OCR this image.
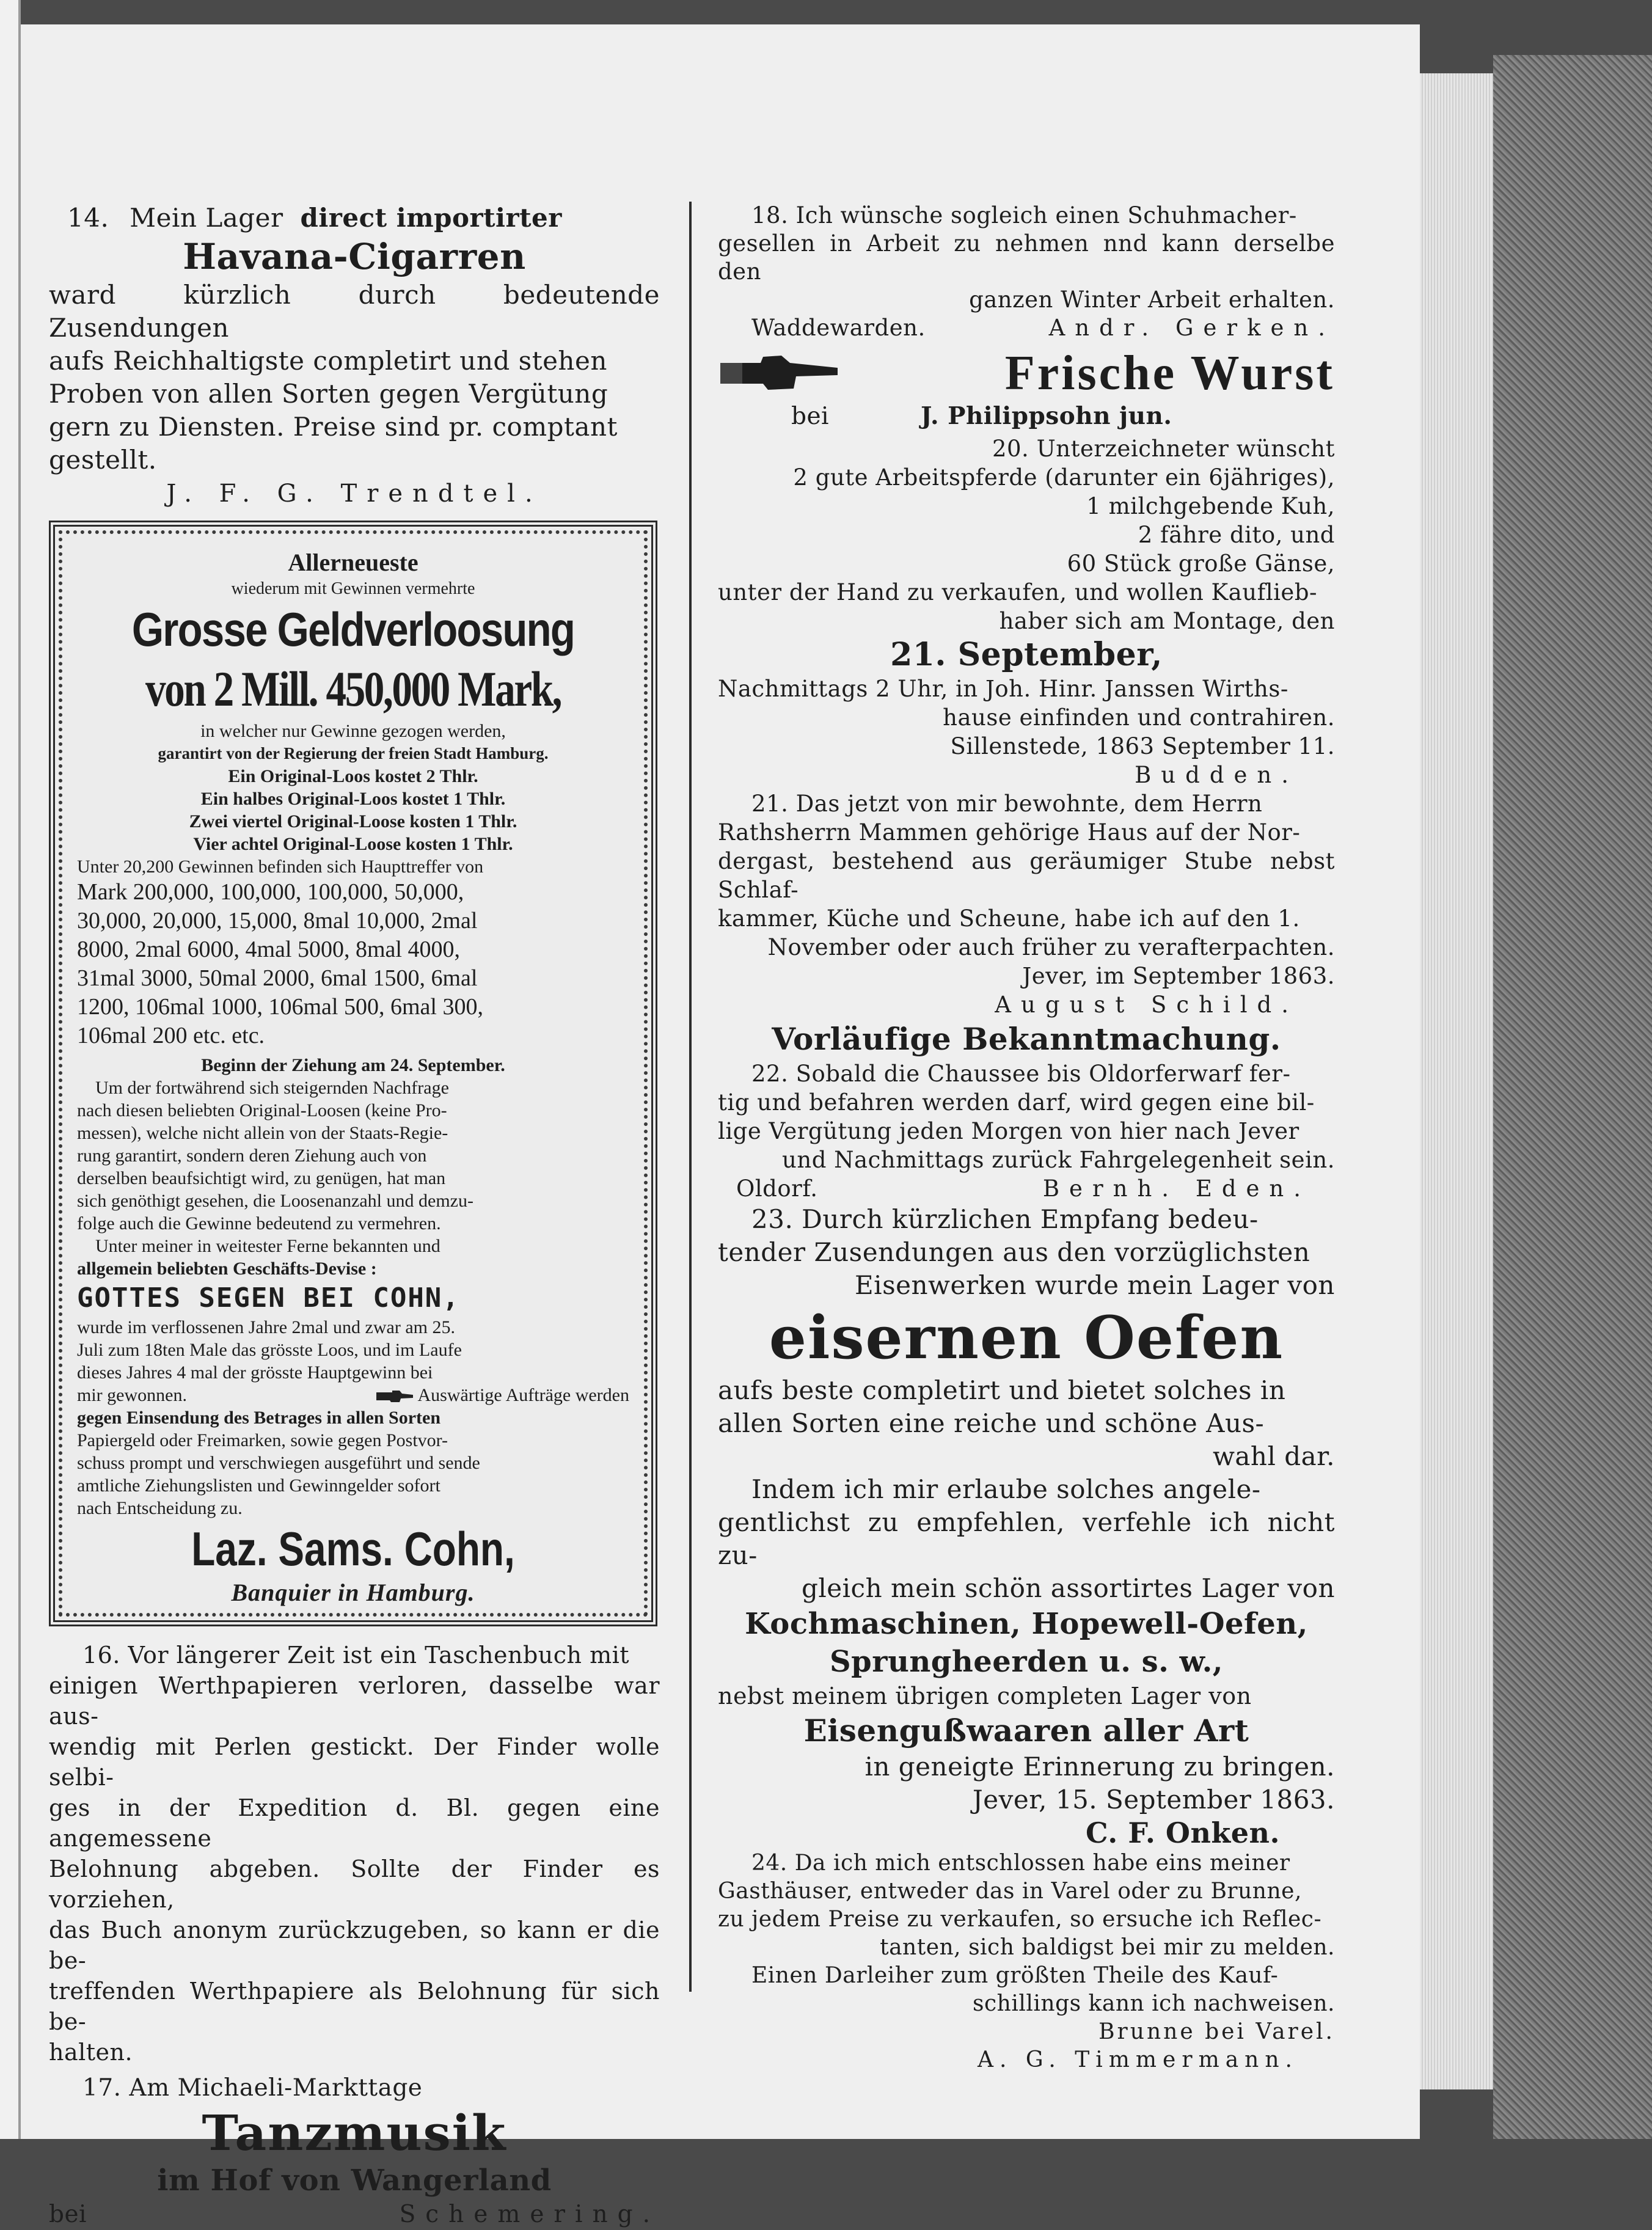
14. Mein Lager direct importirter
Havana-Cigarren
ward kürzlich durch bedeutende Zusendungen
aufs Reichhaltigste completirt und stehen
Proben von allen Sorten gegen Vergütung
gern zu Diensten. Preise sind pr. comptant
gestellt.
J. F. G. Trendtel.
Allerneueste
wiederum mit Gewinnen vermehrte
Grosse Geldverloosung
von 2 Mill. 450,000 Mark,
in welcher nur Gewinne gezogen werden,
garantirt von der Regierung der freien Stadt Hamburg.
Ein Original-Loos kostet 2 Thlr.
Ein halbes Original-Loos kostet 1 Thlr.
Zwei viertel Original-Loose kosten 1 Thlr.
Vier achtel Original-Loose kosten 1 Thlr.
Unter 20,200 Gewinnen befinden sich Haupttreffer von
Mark 200,000, 100,000, 100,000, 50,000,
30,000, 20,000, 15,000, 8mal 10,000, 2mal
8000, 2mal 6000, 4mal 5000, 8mal 4000,
31mal 3000, 50mal 2000, 6mal 1500, 6mal
1200, 106mal 1000, 106mal 500, 6mal 300,
106mal 200 etc. etc.
Beginn der Ziehung am 24. September.
Um der fortwährend sich steigernden Nachfrage
nach diesen beliebten Original-Loosen (keine Pro-
messen), welche nicht allein von der Staats-Regie-
rung garantirt, sondern deren Ziehung auch von
derselben beaufsichtigt wird, zu genügen, hat man
sich genöthigt gesehen, die Loosenanzahl und demzu-
folge auch die Gewinne bedeutend zu vermehren.
Unter meiner in weitester Ferne bekannten und
allgemein beliebten Geschäfts-Devise :
GOTTES SEGEN BEI COHN,
wurde im verflossenen Jahre 2mal und zwar am 25.
Juli zum 18ten Male das grösste Loos, und im Laufe
dieses Jahres 4 mal der grösste Hauptgewinn bei
mir gewonnen.	Auswärtige Aufträge werden
gegen Einsendung des Betrages in allen Sorten
Papiergeld oder Freimarken, sowie gegen Postvor-
schuss prompt und verschwiegen ausgeführt und sende
amtliche Ziehungslisten und Gewinngelder sofort
nach Entscheidung zu.
Laz. Sams. Cohn,
Banquier in Hamburg.
16. Vor längerer Zeit ist ein Taschenbuch mit
einigen Werthpapieren verloren, dasselbe war aus-
wendig mit Perlen gestickt. Der Finder wolle selbi-
ges in der Expedition d. Bl. gegen eine angemessene
Belohnung abgeben. Sollte der Finder es vorziehen,
das Buch anonym zurückzugeben, so kann er die be-
treffenden Werthpapiere als Belohnung für sich be-
halten.
17. Am Michaeli-Markttage
Tanzmusik
im Hof von Wangerland
bei	Schemering.
18. Ich wünsche sogleich einen Schuhmacher-
gesellen in Arbeit zu nehmen nnd kann derselbe den
ganzen Winter Arbeit erhalten.
Waddewarden.	Andr. Gerken.
Frische Wurst
bei	J. Philippsohn jun.
20. Unterzeichneter wünscht
2 gute Arbeitspferde (darunter ein 6jähriges),
1 milchgebende Kuh,
2 fähre dito, und
60 Stück große Gänse,
unter der Hand zu verkaufen, und wollen Kauflieb-
haber sich am Montage, den
21. September,
Nachmittags 2 Uhr, in Joh. Hinr. Janssen Wirths-
hause einfinden und contrahiren.
Sillenstede, 1863 September 11.
Budden.
21. Das jetzt von mir bewohnte, dem Herrn
Rathsherrn Mammen gehörige Haus auf der Nor-
dergast, bestehend aus geräumiger Stube nebst Schlaf-
kammer, Küche und Scheune, habe ich auf den 1.
November oder auch früher zu verafterpachten.
Jever, im September 1863.
August Schild.
Vorläufige Bekanntmachung.
22. Sobald die Chaussee bis Oldorferwarf fer-
tig und befahren werden darf, wird gegen eine bil-
lige Vergütung jeden Morgen von hier nach Jever
und Nachmittags zurück Fahrgelegenheit sein.
Oldorf.	Bernh. Eden.
23. Durch kürzlichen Empfang bedeu-
tender Zusendungen aus den vorzüglichsten
Eisenwerken wurde mein Lager von
eisernen Oefen
aufs beste completirt und bietet solches in
allen Sorten eine reiche und schöne Aus-
wahl dar.
Indem ich mir erlaube solches angele-
gentlichst zu empfehlen, verfehle ich nicht zu-
gleich mein schön assortirtes Lager von
Kochmaschinen, Hopewell-Oefen,
Sprungheerden u. s. w.,
nebst meinem übrigen completen Lager von
Eisengußwaaren aller Art
in geneigte Erinnerung zu bringen.
Jever, 15. September 1863.
C. F. Onken.
24. Da ich mich entschlossen habe eins meiner
Gasthäuser, entweder das in Varel oder zu Brunne,
zu jedem Preise zu verkaufen, so ersuche ich Reflec-
tanten, sich baldigst bei mir zu melden.
Einen Darleiher zum größten Theile des Kauf-
schillings kann ich nachweisen.
Brunne bei Varel.
A. G. Timmermann.
